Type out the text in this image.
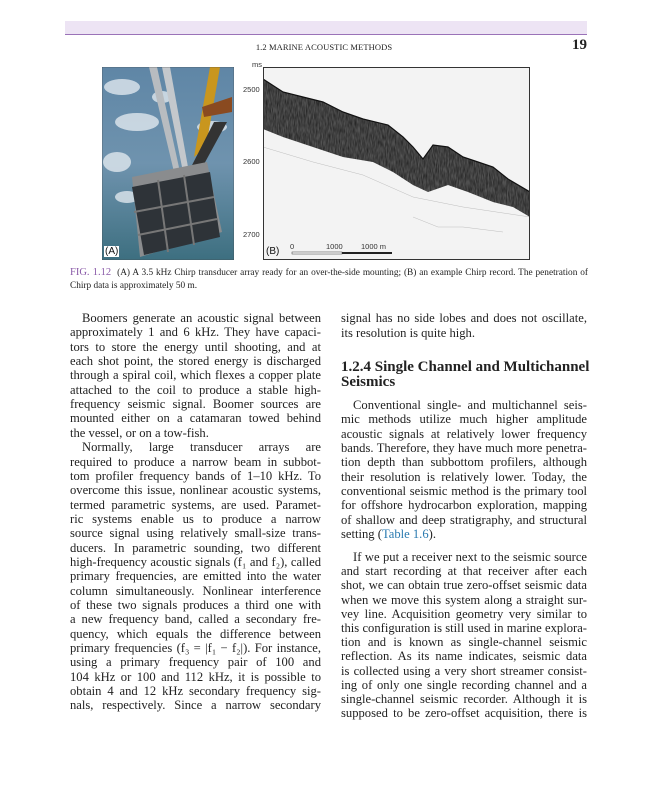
1.2 MARINE ACOUSTIC METHODS	19
(A)
ms
2500
2600
2700
(B) 0	1000 1000 m
FIG. 1.12 (A) A 3.5 kHz Chirp transducer array ready for an over-the-side mounting; (B) an example Chirp record. The penetration of Chirp data is approximately 50 m.
Boomers generate an acoustic signal between
approximately 1 and 6 kHz. They have capaci-
tors to store the energy until shooting, and at
each shot point, the stored energy is discharged
through a spiral coil, which flexes a copper plate
attached to the coil to produce a stable high-
frequency seismic signal. Boomer sources are
mounted either on a catamaran towed behind
the vessel, or on a tow-fish.
Normally, large transducer arrays are
required to produce a narrow beam in subbot-
tom profiler frequency bands of 1–10 kHz. To
overcome this issue, nonlinear acoustic systems,
termed parametric systems, are used. Paramet-
ric systems enable us to produce a narrow
source signal using relatively small-size trans-
ducers. In parametric sounding, two different
high-frequency acoustic signals (f₁ and f₂), called
primary frequencies, are emitted into the water
column simultaneously. Nonlinear interference
of these two signals produces a third one with
a new frequency band, called a secondary fre-
quency, which equals the difference between
primary frequencies (f₃ = |f₁ − f₂|). For instance,
using a primary frequency pair of 100 and
104 kHz or 100 and 112 kHz, it is possible to
obtain 4 and 12 kHz secondary frequency sig-
nals, respectively. Since a narrow secondary
signal has no side lobes and does not oscillate,
its resolution is quite high.
Conventional single- and multichannel seis-
mic methods utilize much higher amplitude
acoustic signals at relatively lower frequency
bands. Therefore, they have much more penetra-
tion depth than subbottom profilers, although
their resolution is relatively lower. Today, the
conventional seismic method is the primary tool
for offshore hydrocarbon exploration, mapping
of shallow and deep stratigraphy, and structural
setting (Table 1.6).
If we put a receiver next to the seismic source
and start recording at that receiver after each
shot, we can obtain true zero-offset seismic data
when we move this system along a straight sur-
vey line. Acquisition geometry very similar to
this configuration is still used in marine explora-
tion and is known as single-channel seismic
reflection. As its name indicates, seismic data
is collected using a very short streamer consist-
ing of only one single recording channel and a
single-channel seismic recorder. Although it is
supposed to be zero-offset acquisition, there is
1.2.4 Single Channel and Multichannel
Seismics
